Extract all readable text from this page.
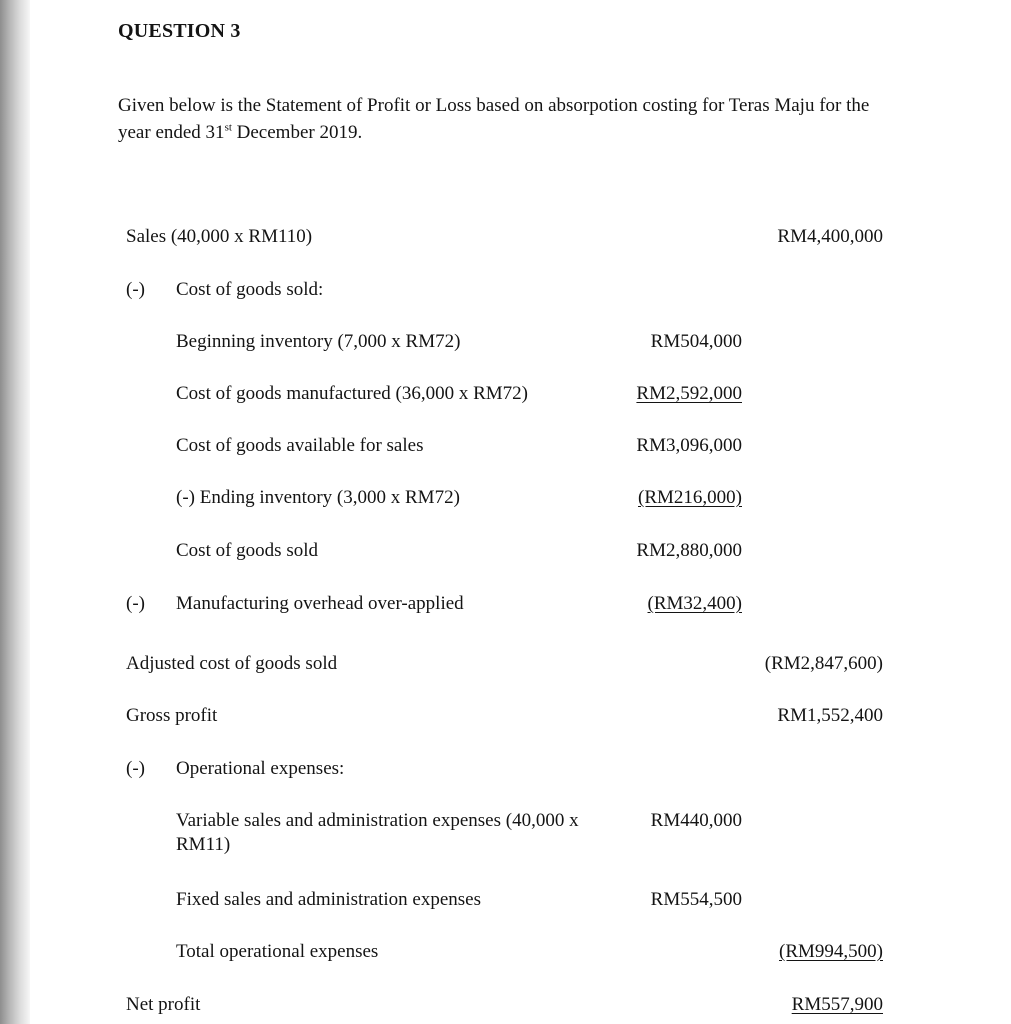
QUESTION 3
Given below is the Statement of Profit or Loss based on absorpotion costing for Teras Maju for the year ended 31st December 2019.
Sales (40,000 x RM110)	RM4,400,000
(-) Cost of goods sold:
Beginning inventory (7,000 x RM72)	RM504,000
Cost of goods manufactured (36,000 x RM72)	RM2,592,000
Cost of goods available for sales	RM3,096,000
(-) Ending inventory (3,000 x RM72)	(RM216,000)
Cost of goods sold	RM2,880,000
(-) Manufacturing overhead over-applied	(RM32,400)
Adjusted cost of goods sold	(RM2,847,600)
Gross profit	RM1,552,400
(-) Operational expenses:
Variable sales and administration expenses (40,000 x RM11)
RM440,000
Fixed sales and administration expenses	RM554,500
Total operational expenses	(RM994,500)
Net profit	RM557,900
